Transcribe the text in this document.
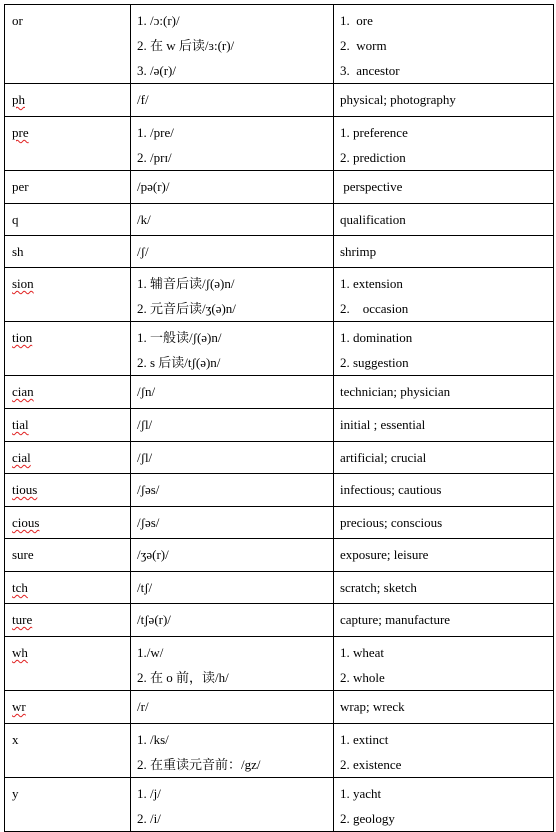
or	1. /ɔ:(r)/
2. 在 w 后读/ɜ:(r)/
3. /ə(r)/	1.  ore
2.  worm
3.  ancestor

ph	/f/	physical; photography

pre	1. /pre/
2. /prɪ/	1. preference
2. prediction

per	/pə(r)/	perspective

q	/k/	qualification

sh	/ʃ/	shrimp

sion	1. 辅音后读/ʃ(ə)n/
2. 元音后读/ʒ(ə)n/	1. extension
2.    occasion

tion	1. 一般读/ʃ(ə)n/
2. s 后读/tʃ(ə)n/	1. domination
2. suggestion

cian	/ʃn/	technician; physician

tial	/ʃl/	initial ; essential

cial	/ʃl/	artificial; crucial

tious	/ʃəs/	infectious; cautious

cious	/ʃəs/	precious; conscious

sure	/ʒə(r)/	exposure; leisure

tch	/tʃ/	scratch; sketch

ture	/tʃə(r)/	capture; manufacture

wh	1./w/
2. 在 o 前，读/h/	1. wheat
2. whole

wr	/r/	wrap; wreck

x	1. /ks/
2. 在重读元音前：/gz/	1. extinct
2. existence

y	1. /j/
2. /i/	1. yacht
2. geology
